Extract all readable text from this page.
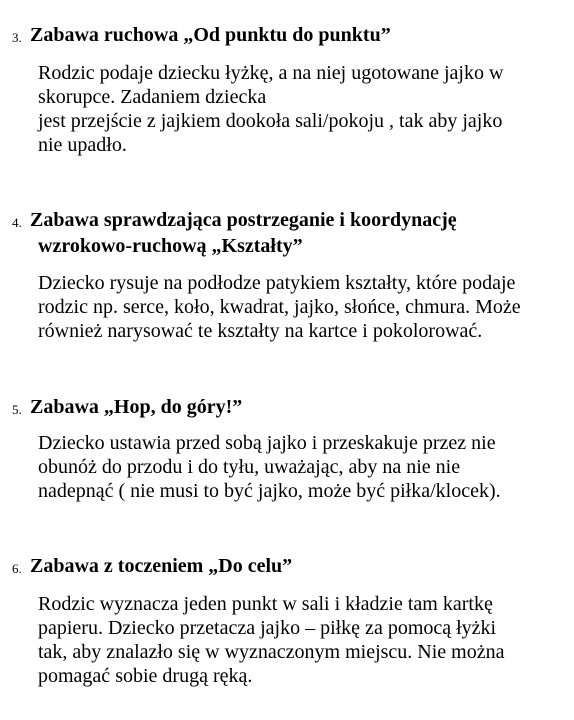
3. Zabawa ruchowa „Od punktu do punktu”
Rodzic podaje dziecku łyżkę, a na niej ugotowane jajko w
skorupce. Zadaniem dziecka
jest przejście z jajkiem dookoła sali/pokoju , tak aby jajko
nie upadło.
4. Zabawa sprawdzająca postrzeganie i koordynację
wzrokowo-ruchową „Kształty”
Dziecko rysuje na podłodze patykiem kształty, które podaje
rodzic np. serce, koło, kwadrat, jajko, słońce, chmura. Może
również narysować te kształty na kartce i pokolorować.
5. Zabawa „Hop, do góry!”
Dziecko ustawia przed sobą jajko i przeskakuje przez nie
obunóż do przodu i do tyłu, uważając, aby na nie nie
nadepnąć ( nie musi to być jajko, może być piłka/klocek).
6. Zabawa z toczeniem „Do celu”
Rodzic wyznacza jeden punkt w sali i kładzie tam kartkę
papieru. Dziecko przetacza jajko – piłkę za pomocą łyżki
tak, aby znalazło się w wyznaczonym miejscu. Nie można
pomagać sobie drugą ręką.
